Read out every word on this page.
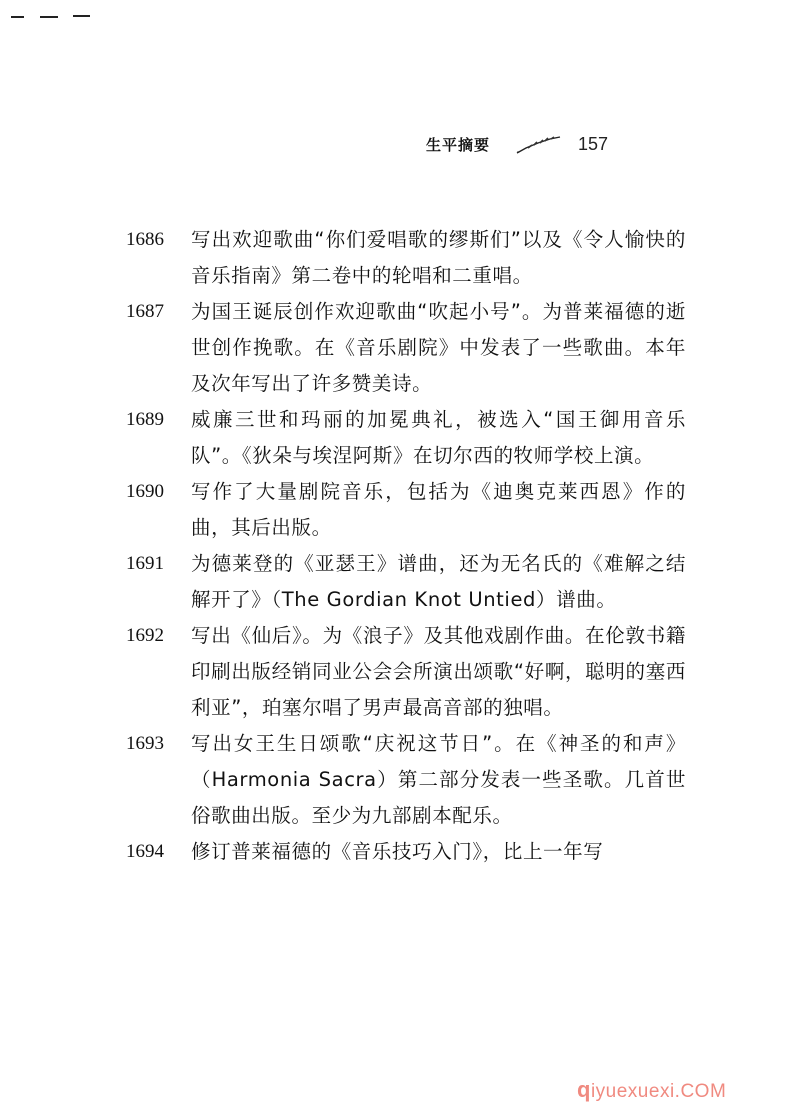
生平摘要	157
1686 写出欢迎歌曲“你们爱唱歌的缪斯们”以及《令人愉快的音乐指南》第二卷中的轮唱和二重唱。
1687 为国王诞辰创作欢迎歌曲“吹起小号”。为普莱福德的逝世创作挽歌。在《音乐剧院》中发表了一些歌曲。本年及次年写出了许多赞美诗。
1689 威廉三世和玛丽的加冕典礼，被选入“国王御用音乐队”。《狄朵与埃涅阿斯》在切尔西的牧师学校上演。
1690 写作了大量剧院音乐，包括为《迪奥克莱西恩》作的曲，其后出版。
1691 为德莱登的《亚瑟王》谱曲，还为无名氏的《难解之结解开了》（The Gordian Knot Untied）谱曲。
1692 写出《仙后》。为《浪子》及其他戏剧作曲。在伦敦书籍印刷出版经销同业公会会所演出颂歌“好啊，聪明的塞西利亚”，珀塞尔唱了男声最高音部的独唱。
1693 写出女王生日颂歌“庆祝这节日”。在《神圣的和声》（Harmonia Sacra）第二部分发表一些圣歌。几首世俗歌曲出版。至少为九部剧本配乐。
1694 修订普莱福德的《音乐技巧入门》，比上一年写
qiyuexuexi.COM
